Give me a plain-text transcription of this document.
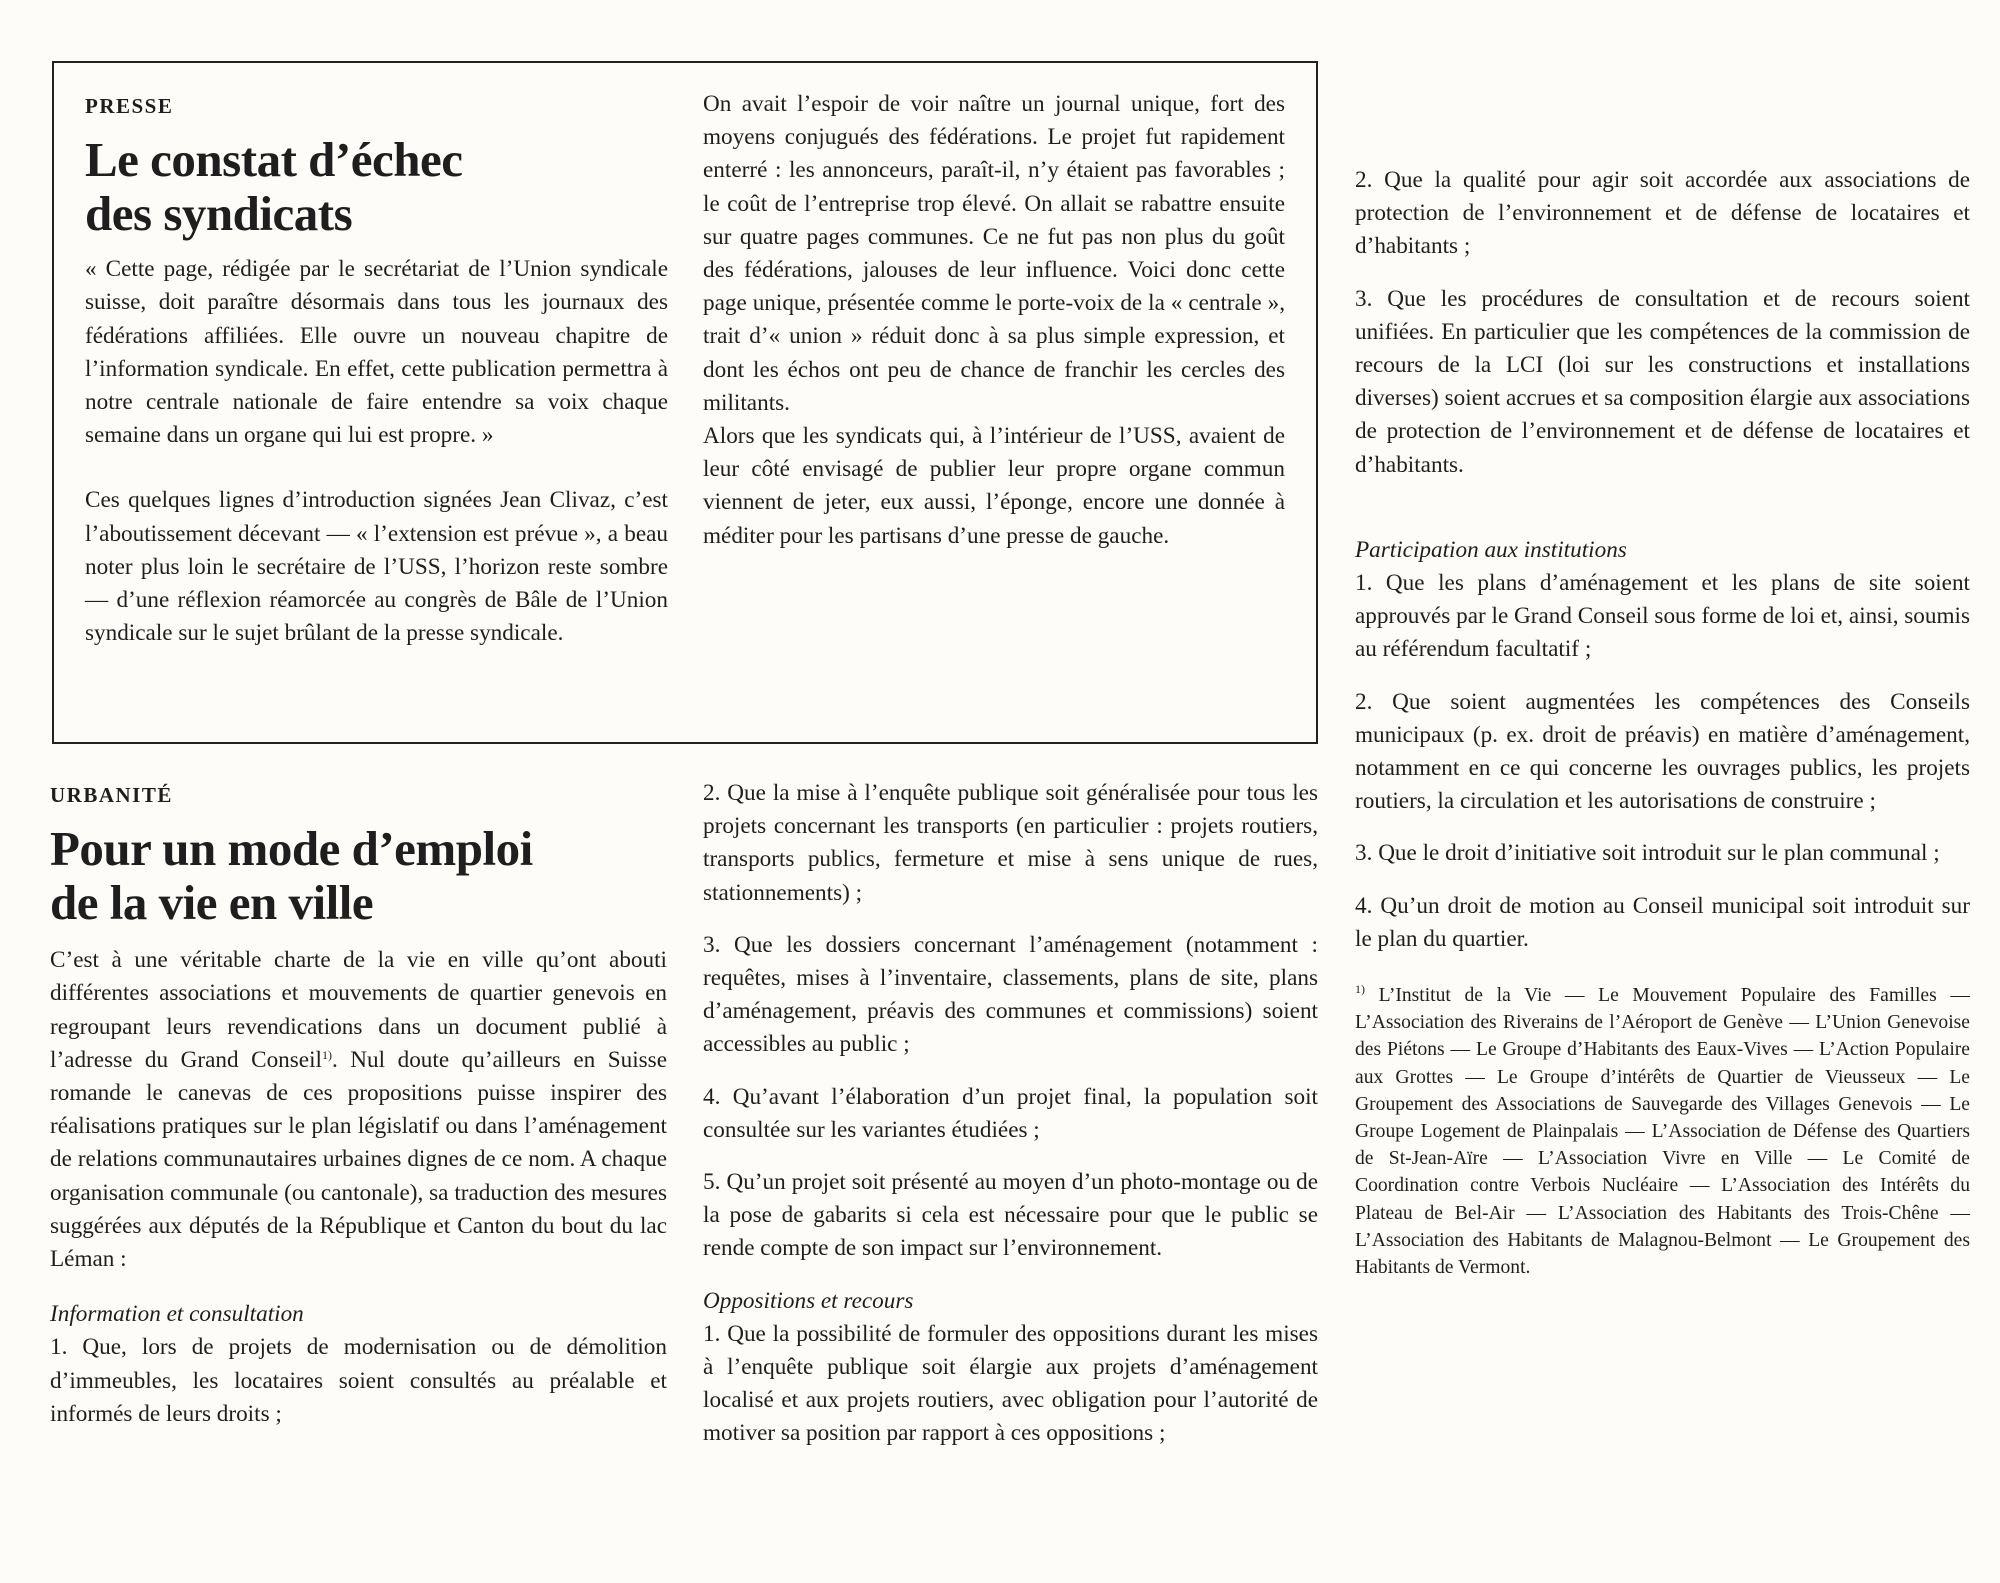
PRESSE

Le constat d’échec
des syndicats

« Cette page, rédigée par le secrétariat de l’Union syndicale suisse, doit paraître désormais dans tous les journaux des fédérations affiliées. Elle ouvre un nouveau chapitre de l’information syndicale. En effet, cette publication permettra à notre centrale nationale de faire entendre sa voix chaque semaine dans un organe qui lui est propre. »

Ces quelques lignes d’introduction signées Jean Clivaz, c’est l’aboutissement décevant — « l’extension est prévue », a beau noter plus loin le secrétaire de l’USS, l’horizon reste sombre — d’une réflexion réamorcée au congrès de Bâle de l’Union syndicale sur le sujet brûlant de la presse syndicale.

On avait l’espoir de voir naître un journal unique, fort des moyens conjugués des fédérations. Le projet fut rapidement enterré : les annonceurs, paraît-il, n’y étaient pas favorables ; le coût de l’entreprise trop élevé. On allait se rabattre ensuite sur quatre pages communes. Ce ne fut pas non plus du goût des fédérations, jalouses de leur influence. Voici donc cette page unique, présentée comme le porte-voix de la « centrale », trait d’« union » réduit donc à sa plus simple expression, et dont les échos ont peu de chance de franchir les cercles des militants.

Alors que les syndicats qui, à l’intérieur de l’USS, avaient de leur côté envisagé de publier leur propre organe commun viennent de jeter, eux aussi, l’éponge, encore une donnée à méditer pour les partisans d’une presse de gauche.

URBANITÉ

Pour un mode d’emploi
de la vie en ville

C’est à une véritable charte de la vie en ville qu’ont abouti différentes associations et mouvements de quartier genevois en regroupant leurs revendications dans un document publié à l’adresse du Grand Conseil$^{1)}$. Nul doute qu’ailleurs en Suisse romande le canevas de ces propositions puisse inspirer des réalisations pratiques sur le plan législatif ou dans l’aménagement de relations communautaires urbaines dignes de ce nom. A chaque organisation communale (ou cantonale), sa traduction des mesures suggérées aux députés de la République et Canton du bout du lac Léman :

Information et consultation

1. Que, lors de projets de modernisation ou de démolition d’immeubles, les locataires soient consultés au préalable et informés de leurs droits ;

2. Que la mise à l’enquête publique soit généralisée pour tous les projets concernant les transports (en particulier : projets routiers, transports publics, fermeture et mise à sens unique de rues, stationnements) ;

3. Que les dossiers concernant l’aménagement (notamment : requêtes, mises à l’inventaire, classements, plans de site, plans d’aménagement, préavis des communes et commissions) soient accessibles au public ;

4. Qu’avant l’élaboration d’un projet final, la population soit consultée sur les variantes étudiées ;

5. Qu’un projet soit présenté au moyen d’un photo-montage ou de la pose de gabarits si cela est nécessaire pour que le public se rende compte de son impact sur l’environnement.

Oppositions et recours

1. Que la possibilité de formuler des oppositions durant les mises à l’enquête publique soit élargie aux projets d’aménagement localisé et aux projets routiers, avec obligation pour l’autorité de motiver sa position par rapport à ces oppositions ;

2. Que la qualité pour agir soit accordée aux associations de protection de l’environnement et de défense de locataires et d’habitants ;

3. Que les procédures de consultation et de recours soient unifiées. En particulier que les compétences de la commission de recours de la LCI (loi sur les constructions et installations diverses) soient accrues et sa composition élargie aux associations de protection de l’environnement et de défense de locataires et d’habitants.

Participation aux institutions

1. Que les plans d’aménagement et les plans de site soient approuvés par le Grand Conseil sous forme de loi et, ainsi, soumis au référendum facultatif ;

2. Que soient augmentées les compétences des Conseils municipaux (p. ex. droit de préavis) en matière d’aménagement, notamment en ce qui concerne les ouvrages publics, les projets routiers, la circulation et les autorisations de construire ;

3. Que le droit d’initiative soit introduit sur le plan communal ;

4. Qu’un droit de motion au Conseil municipal soit introduit sur le plan du quartier.

$^{1)}$ L’Institut de la Vie — Le Mouvement Populaire des Familles — L’Association des Riverains de l’Aéroport de Genève — L’Union Genevoise des Piétons — Le Groupe d’Habitants des Eaux-Vives — L’Action Populaire aux Grottes — Le Groupe d’intérêts de Quartier de Vieusseux — Le Groupement des Associations de Sauvegarde des Villages Genevois — Le Groupe Logement de Plainpalais — L’Association de Défense des Quartiers de St-Jean-Aïre — L’Association Vivre en Ville — Le Comité de Coordination contre Verbois Nucléaire — L’Association des Intérêts du Plateau de Bel-Air — L’Association des Habitants des Trois-Chêne — L’Association des Habitants de Malagnou-Belmont — Le Groupement des Habitants de Vermont.
